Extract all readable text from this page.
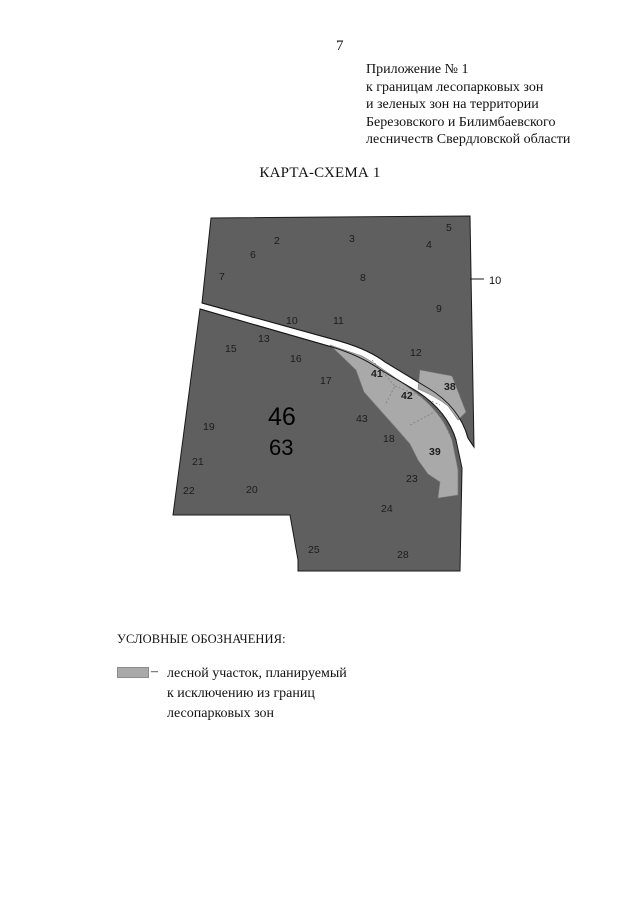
7
Приложение № 1
к границам лесопарковых зон
и зеленых зон на территории
Березовского и Билимбаевского
лесничеств Свердловской области
КАРТА-СХЕМА 1
10
2	3	4
5
6
7	8
9
10	11
12
13
15
16
17
18
19
20
21
22
23
24
25	28
43
41
42
38
39
46
63
УСЛОВНЫЕ ОБОЗНАЧЕНИЯ:
– лесной участок, планируемый
к исключению из границ
лесопарковых зон
